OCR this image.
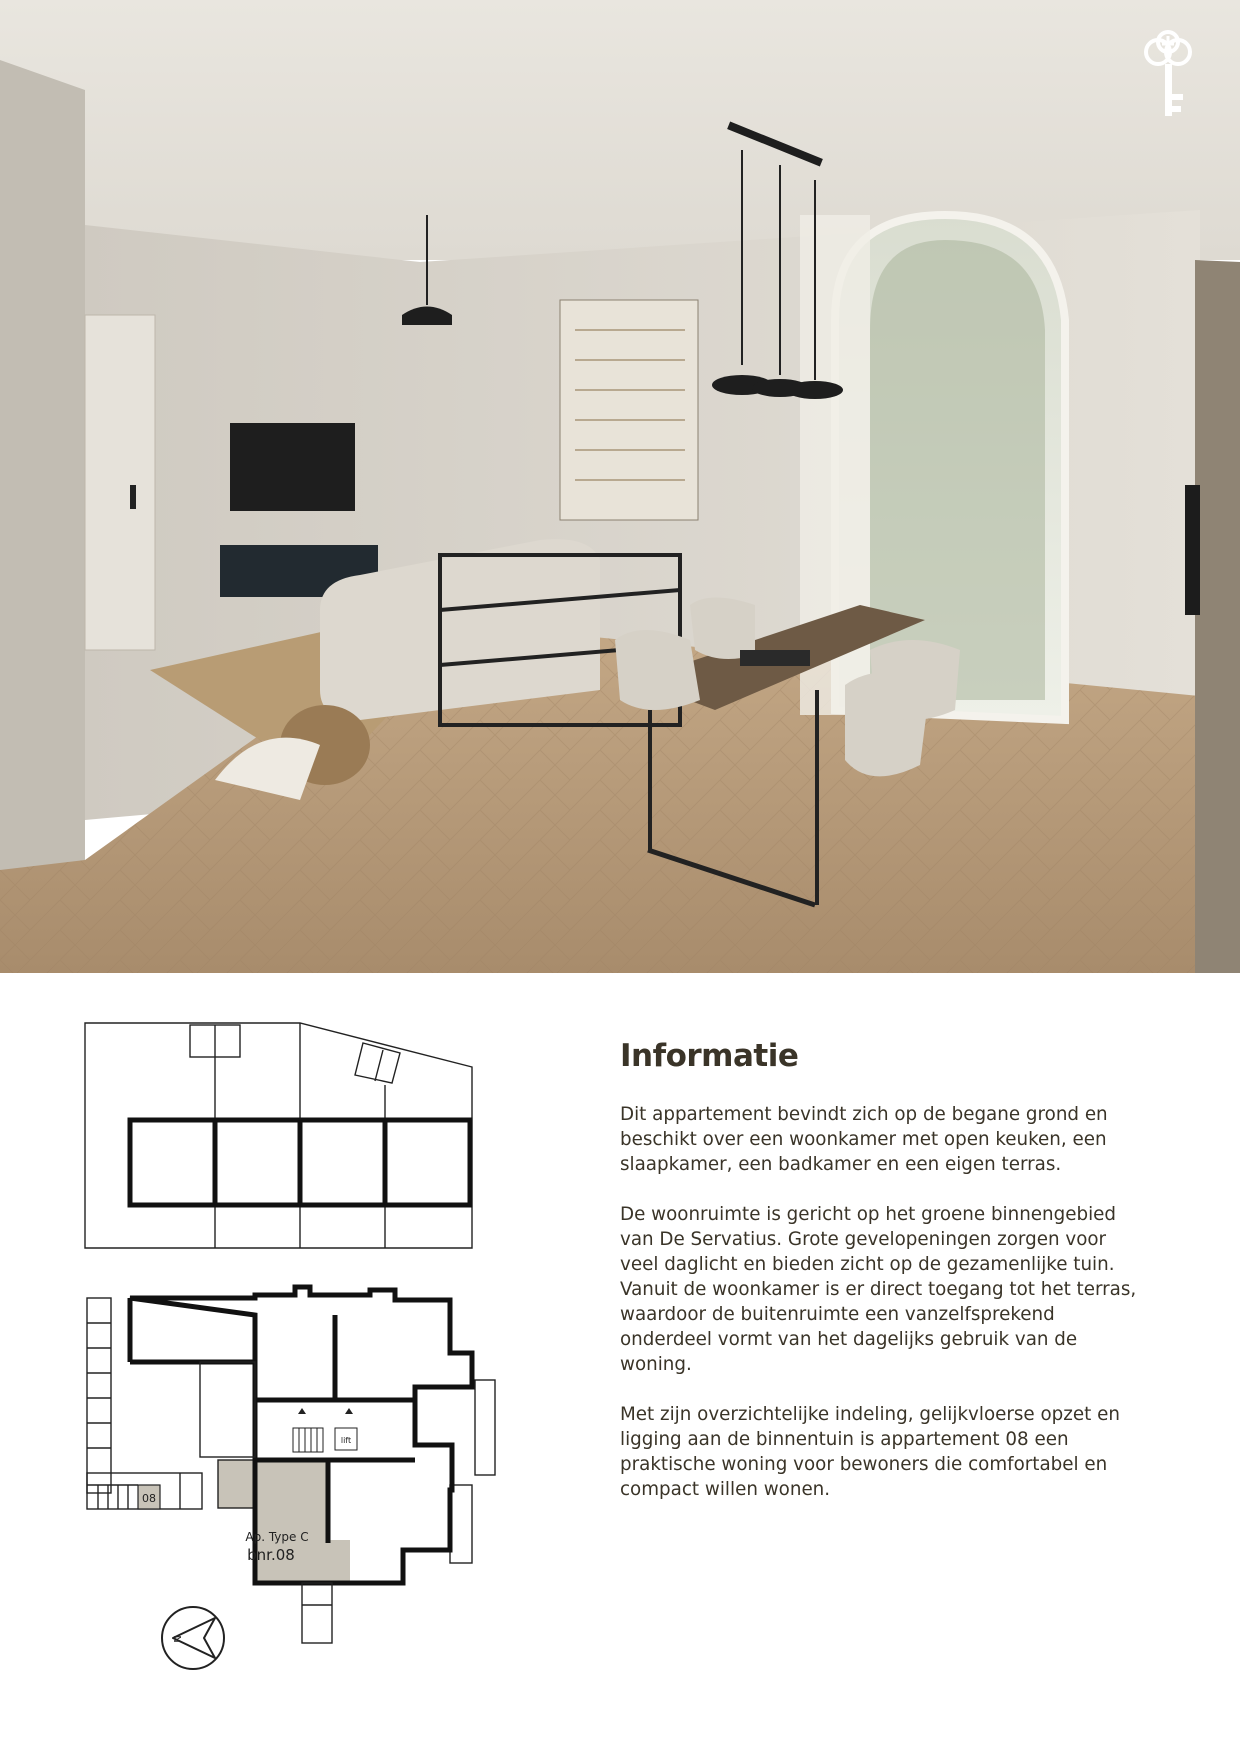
08
lift
Ap. Type C
bnr.08
N
Informatie

Dit appartement bevindt zich op de begane grond en beschikt over een woonkamer met open keuken, een slaapkamer, een badkamer en een eigen terras.

De woonruimte is gericht op het groene binnengebied van De Servatius. Grote gevelopeningen zorgen voor veel daglicht en bieden zicht op de gezamenlijke tuin. Vanuit de woonkamer is er direct toegang tot het terras, waardoor de buitenruimte een vanzelfsprekend onderdeel vormt van het dagelijks gebruik van de woning.

Met zijn overzichtelijke indeling, gelijkvloerse opzet en ligging aan de binnentuin is appartement 08 een praktische woning voor bewoners die comfortabel en compact willen wonen.
